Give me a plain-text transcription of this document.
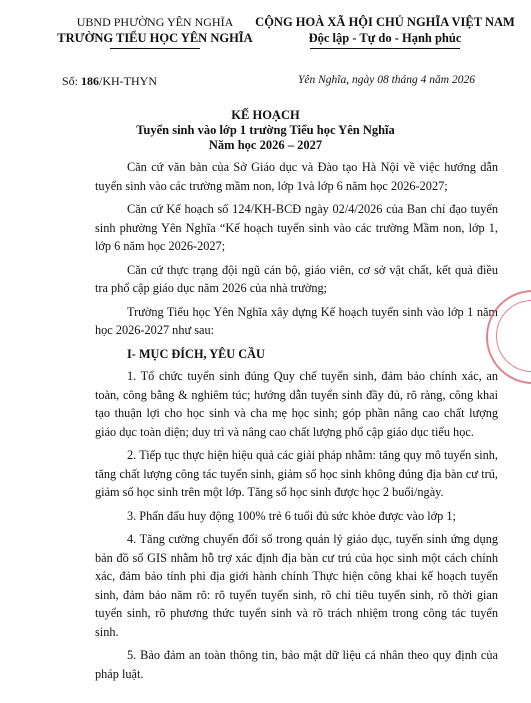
UBND PHƯỜNG YÊN NGHĨA
TRƯỜNG TIỂU HỌC YÊN NGHĨA
CỘNG HOÀ XÃ HỘI CHỦ NGHĨA VIỆT NAM
Độc lập - Tự do - Hạnh phúc
Số: 186/KH-THYN	Yên Nghĩa, ngày 08 tháng 4 năm 2026
KẾ HOẠCH
Tuyển sinh vào lớp 1 trường Tiểu học Yên Nghĩa
Năm học 2026 – 2027

Căn cứ văn bản của Sở Giáo dục và Đào tạo Hà Nội về việc hướng dẫn tuyển sinh vào các trường mầm non, lớp 1và lớp 6 năm học 2026-2027;

Căn cứ Kế hoạch số 124/KH-BCĐ ngày 02/4/2026 của Ban chỉ đạo tuyển sinh phường Yên Nghĩa “Kế hoạch tuyển sinh vào các trường Mầm non, lớp 1, lớp 6 năm học 2026-2027;

Căn cứ thực trạng đội ngũ cán bộ, giáo viên, cơ sở vật chất, kết quả điều tra phổ cập giáo dục năm 2026 của nhà trường;

Trường Tiểu học Yên Nghĩa xây dựng Kế hoạch tuyển sinh vào lớp 1 năm học 2026-2027 như sau:

I- MỤC ĐÍCH, YÊU CẦU

1. Tổ chức tuyển sinh đúng Quy chế tuyển sinh, đảm bảo chính xác, an toàn, công bằng & nghiêm túc; hướng dẫn tuyển sinh đầy đủ, rõ ràng, công khai tạo thuận lợi cho học sinh và cha mẹ học sinh; góp phần nâng cao chất lượng giáo dục toàn diện; duy trì và nâng cao chất lượng phổ cập giáo dục tiểu học.

2. Tiếp tục thực hiện hiệu quả các giải pháp nhằm: tăng quy mô tuyển sinh, tăng chất lượng công tác tuyển sinh, giảm số học sinh không đúng địa bàn cư trú, giảm số học sinh trên một lớp. Tăng số học sinh được học 2 buổi/ngày.

3. Phấn đấu huy động 100% trẻ 6 tuổi đủ sức khỏe được vào lớp 1;

4. Tăng cường chuyển đổi số trong quản lý giáo dục, tuyển sinh ứng dụng bản đồ số GIS nhằm hỗ trợ xác định địa bàn cư trú của học sinh một cách chính xác, đảm bảo tính phi địa giới hành chính Thực hiện công khai kế hoạch tuyển sinh, đảm bảo năm rõ: rõ tuyển tuyển sinh, rõ chỉ tiêu tuyển sinh, rõ thời gian tuyển sinh, rõ phương thức tuyển sinh và rõ trách nhiệm trong công tác tuyển sinh.

5. Bảo đảm an toàn thông tin, bảo mật dữ liệu cá nhân theo quy định của pháp luật.
